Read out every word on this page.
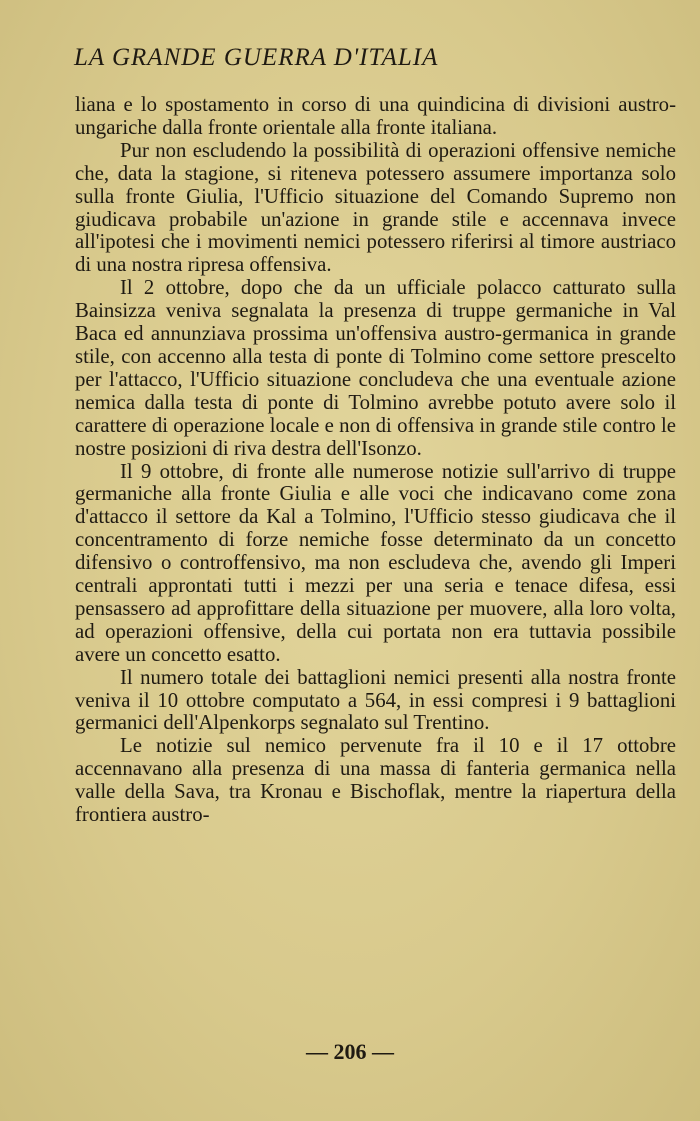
LA GRANDE GUERRA D'ITALIA

liana e lo spostamento in corso di una quindicina di divisioni austro-ungariche dalla fronte orientale alla fronte italiana.

Pur non escludendo la possibilità di operazioni offensive nemiche che, data la stagione, si riteneva potessero assumere importanza solo sulla fronte Giulia, l'Ufficio situazione del Comando Supremo non giudicava probabile un'azione in grande stile e accennava invece all'ipotesi che i movimenti nemici potessero riferirsi al timore austriaco di una nostra ripresa offensiva.

Il 2 ottobre, dopo che da un ufficiale polacco catturato sulla Bainsizza veniva segnalata la presenza di truppe germaniche in Val Baca ed annunziava prossima un'offensiva austro-germanica in grande stile, con accenno alla testa di ponte di Tolmino come settore prescelto per l'attacco, l'Ufficio situazione concludeva che una eventuale azione nemica dalla testa di ponte di Tolmino avrebbe potuto avere solo il carattere di operazione locale e non di offensiva in grande stile contro le nostre posizioni di riva destra dell'Isonzo.

Il 9 ottobre, di fronte alle numerose notizie sull'arrivo di truppe germaniche alla fronte Giulia e alle voci che indicavano come zona d'attacco il settore da Kal a Tolmino, l'Ufficio stesso giudicava che il concentramento di forze nemiche fosse determinato da un concetto difensivo o controffensivo, ma non escludeva che, avendo gli Imperi centrali approntati tutti i mezzi per una seria e tenace difesa, essi pensassero ad approfittare della situazione per muovere, alla loro volta, ad operazioni offensive, della cui portata non era tuttavia possibile avere un concetto esatto.

Il numero totale dei battaglioni nemici presenti alla nostra fronte veniva il 10 ottobre computato a 564, in essi compresi i 9 battaglioni germanici dell'Alpenkorps segnalato sul Trentino.

Le notizie sul nemico pervenute fra il 10 e il 17 ottobre accennavano alla presenza di una massa di fanteria germanica nella valle della Sava, tra Kronau e Bischoflak, mentre la riapertura della frontiera austro-

— 206 —
